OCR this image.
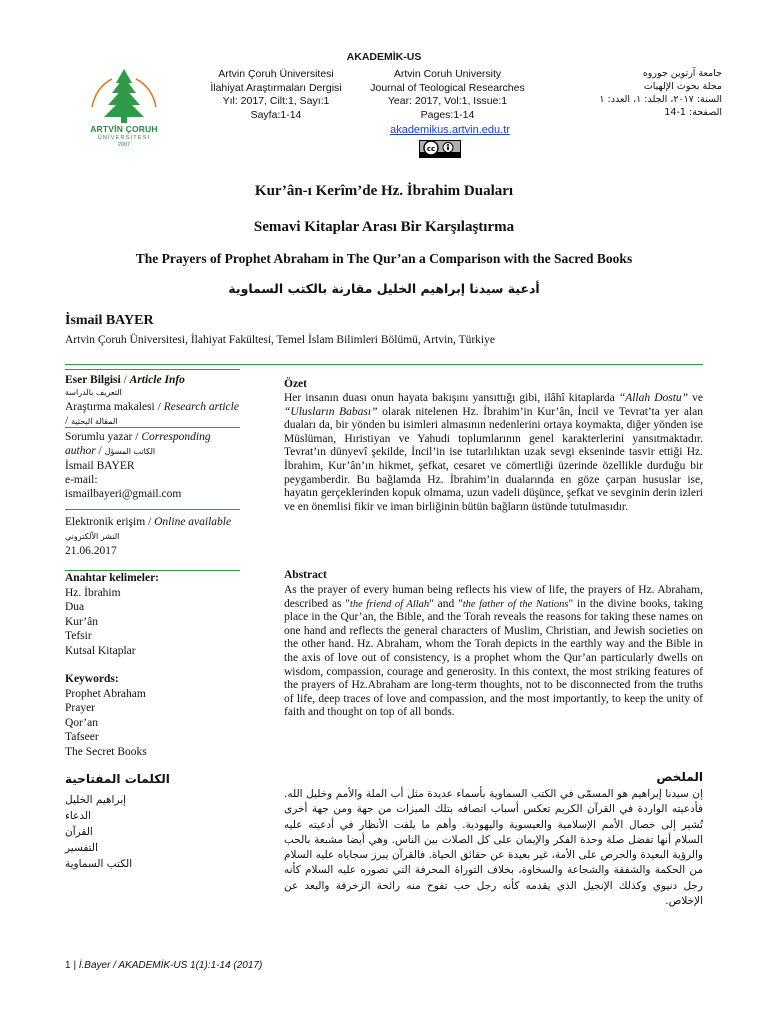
AKADEMİK-US
ARTVİN ÇORUH
ÜNİVERSİTESİ
2007
Artvin Çoruh Üniversitesi
İlahiyat Araştırmaları Dergisi
Yıl: 2017, Cilt:1, Sayı:1
Sayfa:1-14
Artvin Coruh University
Journal of Teological Researches
Year: 2017, Vol:1, Issue:1
Pages:1-14
جامعة آرتوين جوروه
مجلة بحوث الإلهيات
السنة: ٢٠١٧، الجلد: ١، العدد: ١
الصفحة: 1-14
akademikus.artvin.edu.tr
cc
Kur’ân-ı Kerîm’de Hz. İbrahim Duaları
Semavi Kitaplar Arası Bir Karşılaştırma
The Prayers of Prophet Abraham in The Qur’an a Comparison with the Sacred Books
أدعية سيدنا إبراهيم الخليل مقارنة بالكتب السماوية
İsmail BAYER
Artvin Çoruh Üniversitesi, İlahiyat Fakültesi, Temel İslam Bilimleri Bölümü, Artvin, Türkiye
Eser Bilgisi / Article Info
التعريف بالدراسة
Araştırma makalesi / Research article / المقالة البحثية
Sorumlu yazar / Corresponding author / الكاتب المسؤل
İsmail BAYER
e-mail:
ismailbayeri@gmail.com
Elektronik erişim / Online available النشر الألكتروني
21.06.2017
Anahtar kelimeler:
Hz. İbrahim
Dua
Kur’ân
Tefsir
Kutsal Kitaplar
Keywords:
Prophet Abraham
Prayer
Qor’an
Tafseer
The Secret Books
الكلمات المفتاحية
إبراهيم الخليل
الدعاء
القرآن
التفسير
الكتب السماوية
Özet
Her insanın duası onun hayata bakışını yansıttığı gibi, ilâhî kitaplarda “Allah Dostu” ve “Ulusların Babası” olarak nitelenen Hz. İbrahim’in Kur’ân, İncil ve Tevrat’ta yer alan duaları da, bir yönden bu isimleri almasının nedenlerini ortaya koymakta, diğer yönden ise Müslüman, Hıristiyan ve Yahudi toplumlarının genel karakterlerini yansıtmaktadır. Tevrat’ın dünyevî şekilde, İncil’in ise tutarlılıktan uzak sevgi ekseninde tasvir ettiği Hz. İbrahim, Kur’ân’ın hikmet, şefkat, cesaret ve cömertliği üzerinde özellikle durduğu bir peygamberdir. Bu bağlamda Hz. İbrahim’in dualarında en göze çarpan hususlar ise, hayatın gerçeklerinden kopuk olmama, uzun vadeli düşünce, şefkat ve sevginin derin izleri ve en önemlisi fikir ve iman birliğinin bütün bağların üstünde tutulmasıdır.
Abstract
As the prayer of every human being reflects his view of life, the prayers of Hz. Abraham, described as "the friend of Allah" and "the father of the Nations" in the divine books, taking place in the Qur’an, the Bible, and the Torah reveals the reasons for taking these names on one hand and reflects the general characters of Muslim, Christian, and Jewish societies on the other hand. Hz. Abraham, whom the Torah depicts in the earthly way and the Bible in the axis of love out of consistency, is a prophet whom the Qur’an particularly dwells on wisdom, compassion, courage and generosity. In this context, the most striking features of the prayers of Hz.Abraham are long-term thoughts, not to be disconnected from the truths of life, deep traces of love and compassion, and the most importantly, to keep the unity of faith and thought on top of all bonds.
الملخص
إن سيدنا إبراهيم هو المسمّى في الكتب السماوية بأسماء عديدة مثل أب الملة والأمم وخليل الله. فأدعيته الواردة في القرآن الكريم تعكس أسباب اتصافه بتلك الميزات من جهة ومن جهة أخرى تُشير إلى خصال الأمم الإسلامية والعيسوية واليهودية. وأهم ما يلفت الأنظار في أدعيته عليه السلام أنها تفضل صلة وحدة الفكر والإيمان على كل الصلات بين الناس. وهي أيضا مشبعة بالحب والرؤية البعيدة والحرص على الأمة، غير بعيدة عن حقائق الحياة. فالقرآن يبرز سجاياه عليه السلام من الحكمة والشفقة والشجاعة والسخاوة، بخلاف التوراة المحرفة التي تصوره عليه السلام كأنه رجل دنيوي وكذلك الإنجيل الذي يقدمه كأنه رجل حب تفوح منه رائحة الزخرفة والبعد عن الإخلاص.
1 | İ.Bayer / AKADEMİK-US 1(1):1-14 (2017)
